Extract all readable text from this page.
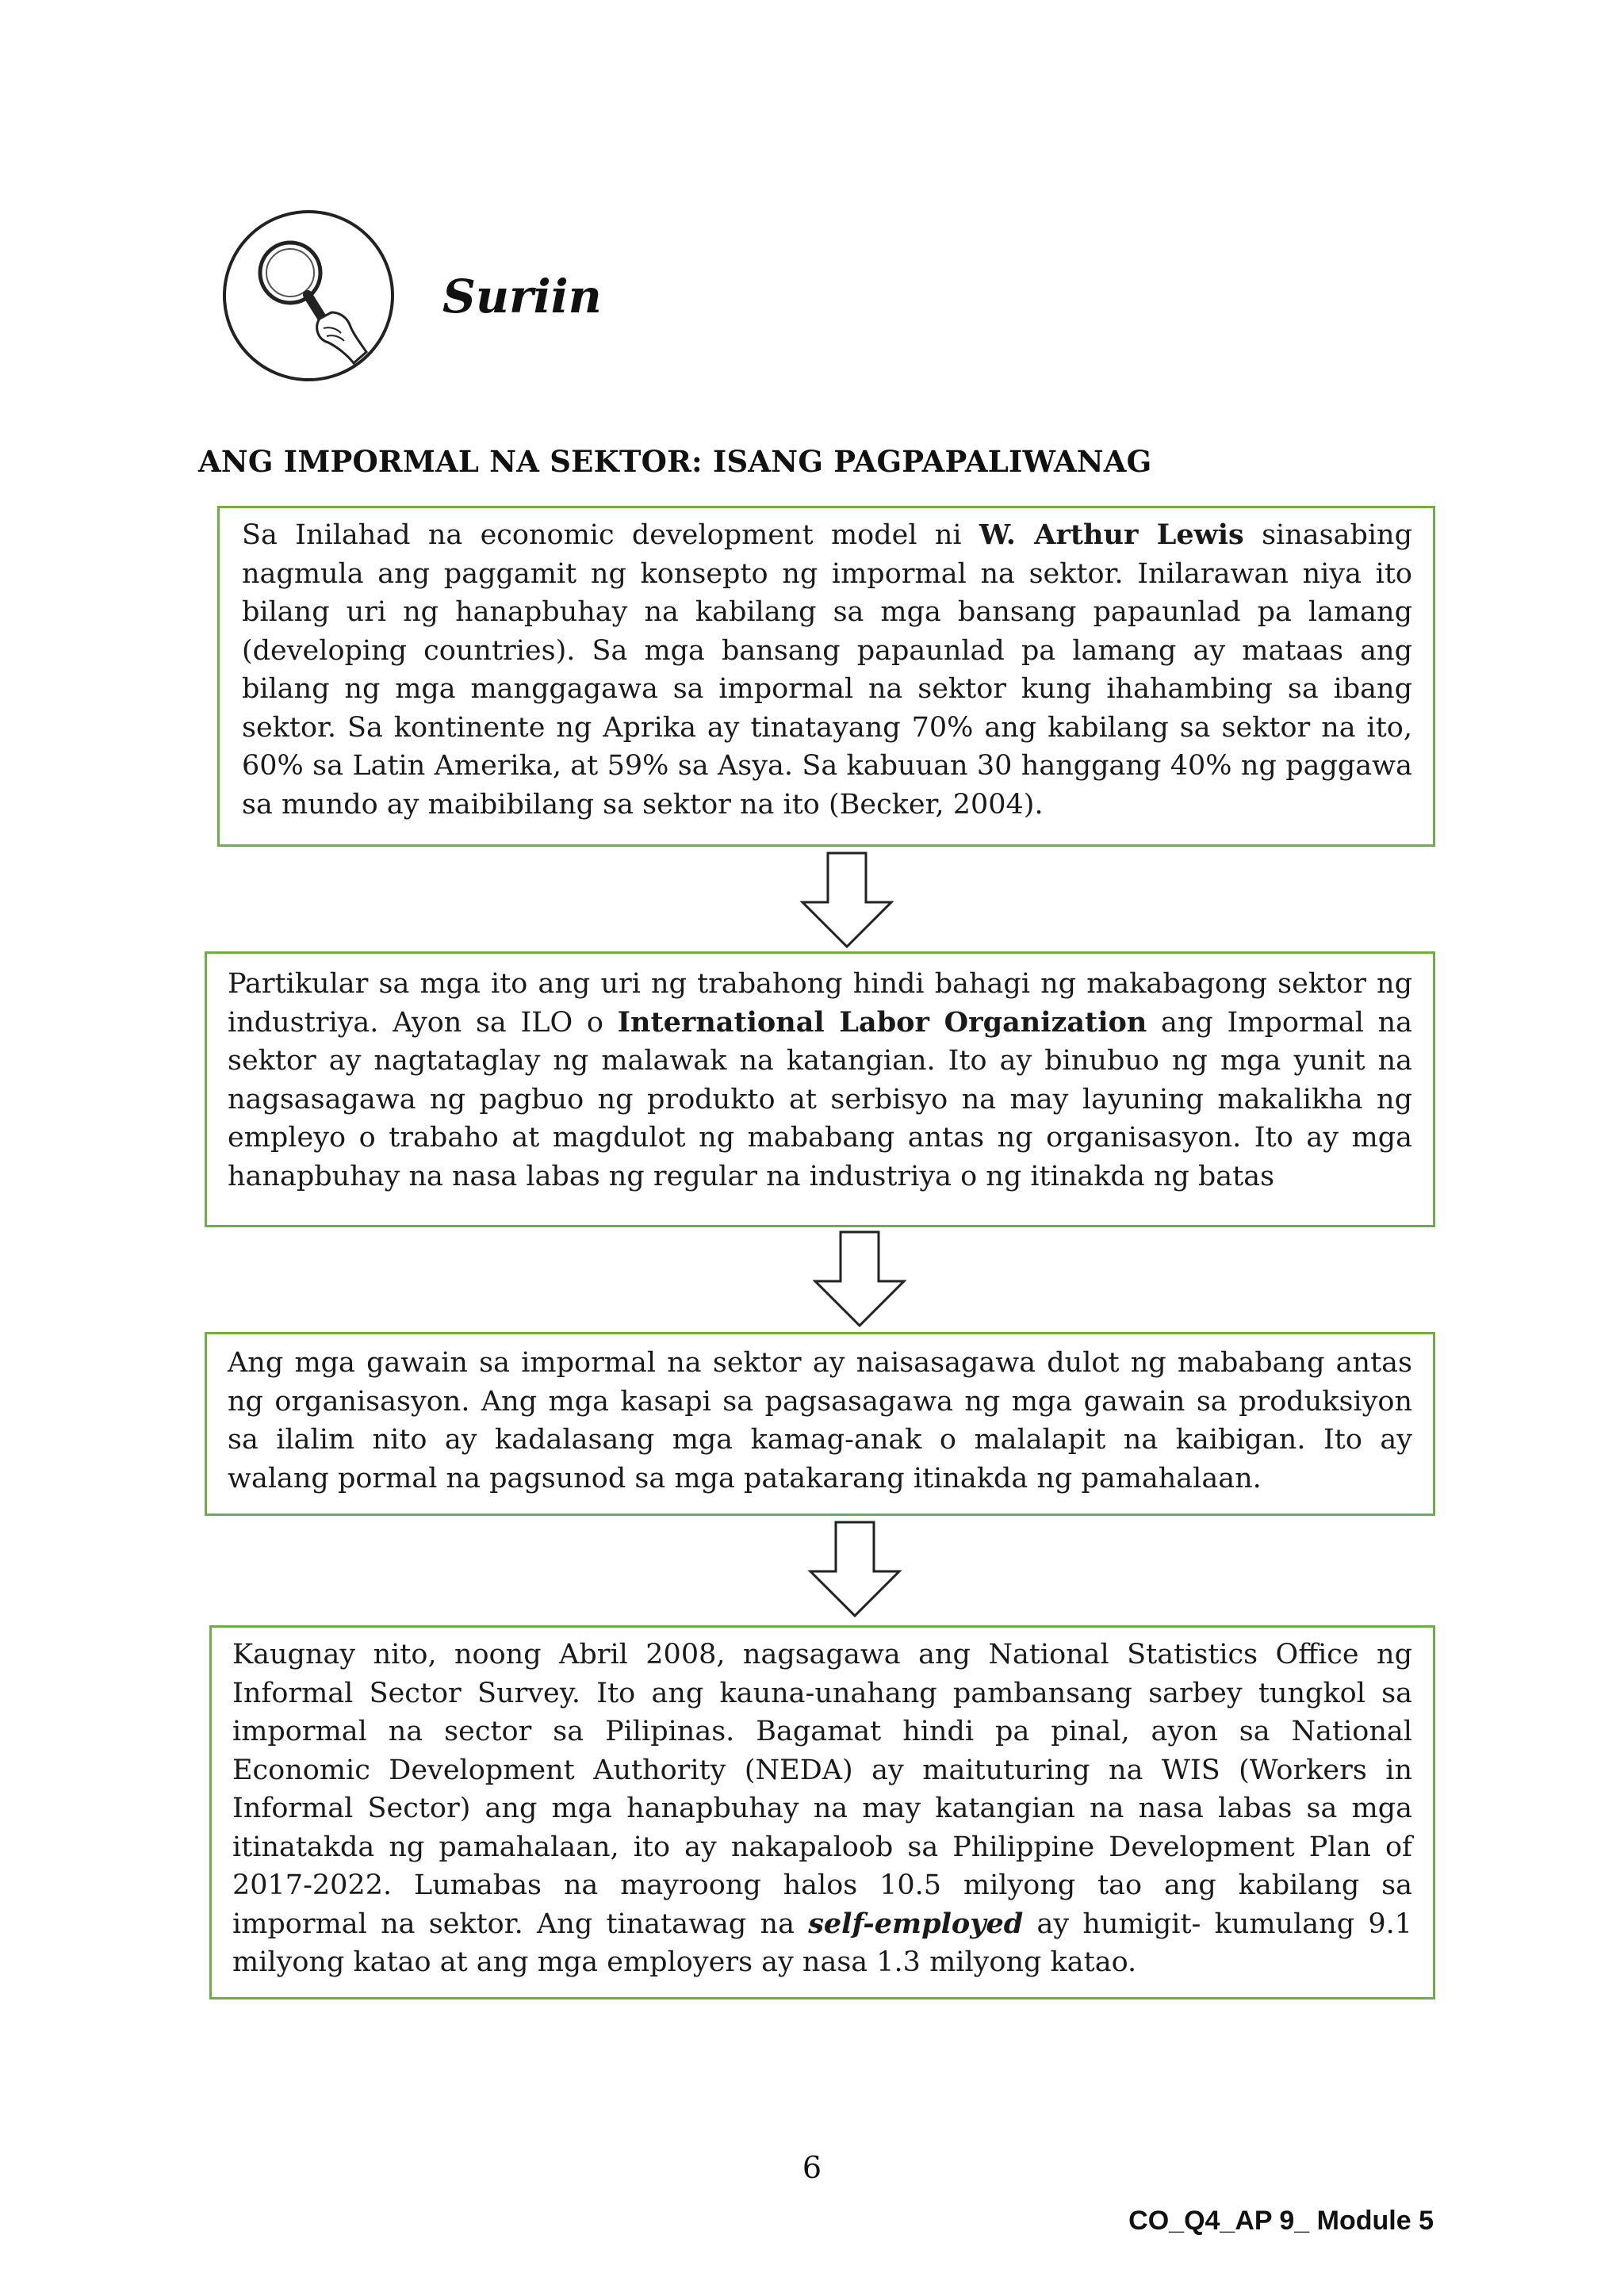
Suriin
ANG IMPORMAL NA SEKTOR: ISANG PAGPAPALIWANAG

Sa Inilahad na economic development model ni W. Arthur Lewis sinasabing nagmula ang paggamit ng konsepto ng impormal na sektor. Inilarawan niya ito bilang uri ng hanapbuhay na kabilang sa mga bansang papaunlad pa lamang (developing countries). Sa mga bansang papaunlad pa lamang ay mataas ang bilang ng mga manggagawa sa impormal na sektor kung ihahambing sa ibang sektor. Sa kontinente ng Aprika ay tinatayang 70% ang kabilang sa sektor na ito, 60% sa Latin Amerika, at 59% sa Asya. Sa kabuuan 30 hanggang 40% ng paggawa sa mundo ay maibibilang sa sektor na ito (Becker, 2004).

Partikular sa mga ito ang uri ng trabahong hindi bahagi ng makabagong sektor ng industriya. Ayon sa ILO o International Labor Organization ang Impormal na sektor ay nagtataglay ng malawak na katangian. Ito ay binubuo ng mga yunit na nagsasagawa ng pagbuo ng produkto at serbisyo na may layuning makalikha ng empleyo o trabaho at magdulot ng mababang antas ng organisasyon. Ito ay mga hanapbuhay na nasa labas ng regular na industriya o ng itinakda ng batas

Ang mga gawain sa impormal na sektor ay naisasagawa dulot ng mababang antas ng organisasyon. Ang mga kasapi sa pagsasagawa ng mga gawain sa produksiyon sa ilalim nito ay kadalasang mga kamag-anak o malalapit na kaibigan. Ito ay walang pormal na pagsunod sa mga patakarang itinakda ng pamahalaan.

Kaugnay nito, noong Abril 2008, nagsagawa ang National Statistics Office ng Informal Sector Survey. Ito ang kauna-unahang pambansang sarbey tungkol sa impormal na sector sa Pilipinas. Bagamat hindi pa pinal, ayon sa National Economic Development Authority (NEDA) ay maituturing na WIS (Workers in Informal Sector) ang mga hanapbuhay na may katangian na nasa labas sa mga itinatakda ng pamahalaan, ito ay nakapaloob sa Philippine Development Plan of 2017-2022. Lumabas na mayroong halos 10.5 milyong tao ang kabilang sa impormal na sektor. Ang tinatawag na self-employed ay humigit- kumulang 9.1 milyong katao at ang mga employers ay nasa 1.3 milyong katao.

6

CO_Q4_AP 9_ Module 5
